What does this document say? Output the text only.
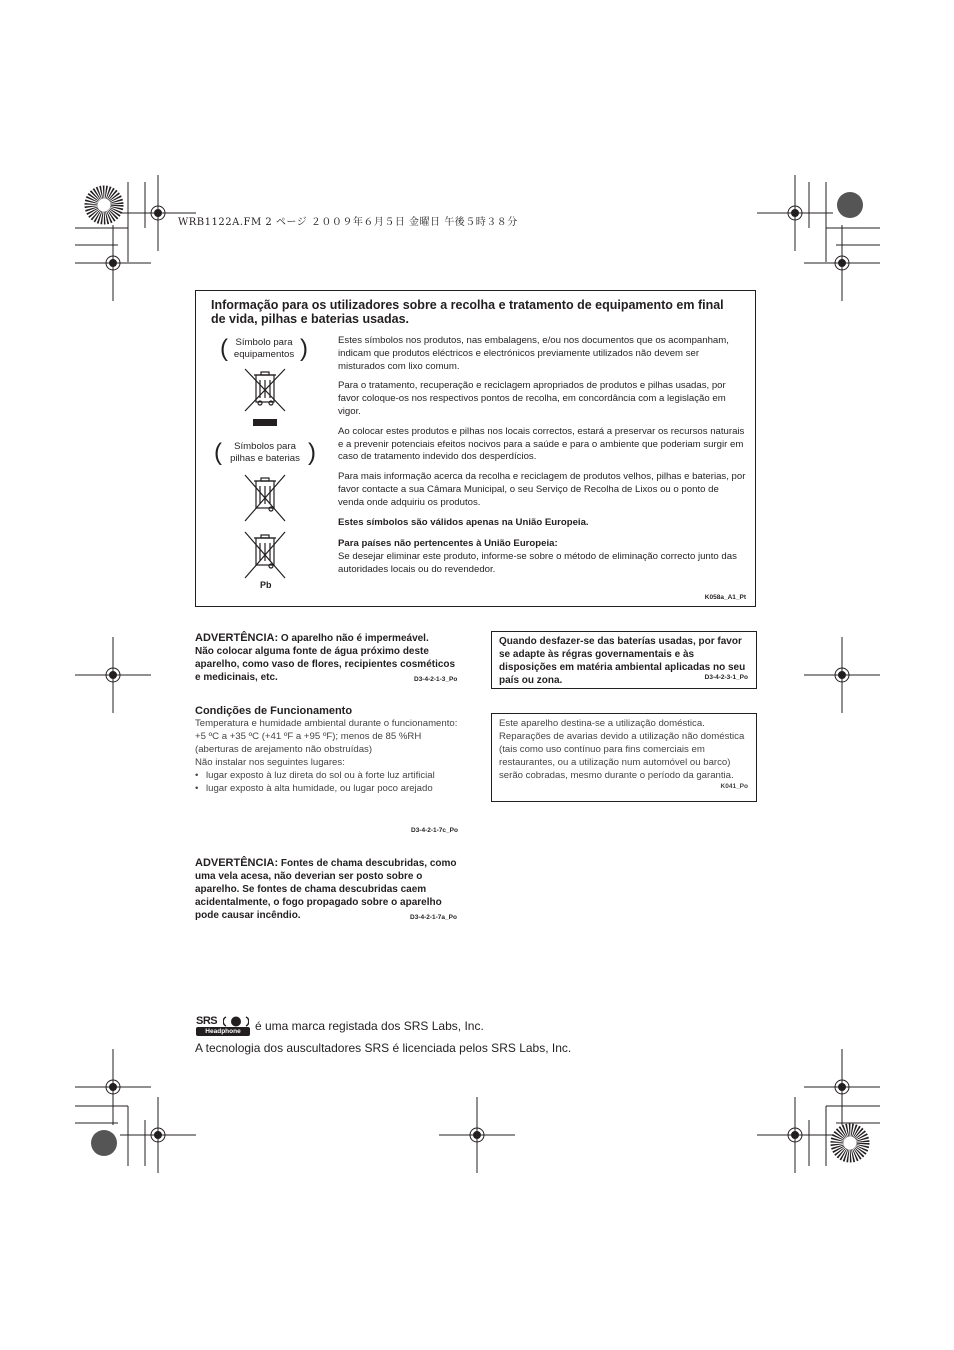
WRB1122A.FM 2 ページ ２００９年６月５日 金曜日 午後５時３８分
Informação para os utilizadores sobre a recolha e tratamento de equipamento em final de vida, pilhas e baterias usadas.
( Símbolo para
equipamentos )
(	Símbolos para
pilhas e baterias )
Pb

Estes símbolos nos produtos, nas embalagens, e/ou nos documentos que os acompanham, indicam que produtos eléctricos e electrónicos previamente utilizados não devem ser misturados com lixo comum.

Para o tratamento, recuperação e reciclagem apropriados de produtos e pilhas usadas, por favor coloque-os nos respectivos pontos de recolha, em concordância com a legislação em vigor.

Ao colocar estes produtos e pilhas nos locais correctos, estará a preservar os recursos naturais e a prevenir potenciais efeitos nocivos para a saúde e para o ambiente que poderiam surgir em caso de tratamento indevido dos desperdícios.

Para mais informação acerca da recolha e reciclagem de produtos velhos, pilhas e baterias, por favor contacte a sua Câmara Municipal, o seu Serviço de Recolha de Lixos ou o ponto de venda onde adquiriu os produtos.

Estes símbolos são válidos apenas na União Europeia.

Para países não pertencentes à União Europeia:
Se desejar eliminar este produto, informe-se sobre o método de eliminação correcto junto das autoridades locais ou do revendedor.
K058a_A1_Pt
ADVERTÊNCIA: O aparelho não é impermeável.
Não colocar alguma fonte de água próximo deste aparelho, como vaso de flores, recipientes cosméticos e medicinais, etc.	D3-4-2-1-3_Po
Condições de Funcionamento
Temperatura e humidade ambiental durante o funcionamento:
+5 ºC a +35 ºC (+41 ºF a +95 ºF); menos de 85 %RH (aberturas de arejamento não obstruídas)
Não instalar nos seguintes lugares:
• lugar exposto à luz direta do sol ou à forte luz artificial
• lugar exposto à alta humidade, ou lugar poco arejado
D3-4-2-1-7c_Po
ADVERTÊNCIA: Fontes de chama descubridas, como uma vela acesa, não deverian ser posto sobre o aparelho. Se fontes de chama descubridas caem acidentalmente, o fogo propagado sobre o aparelho pode causar incêndio.	D3-4-2-1-7a_Po
Quando desfazer-se das baterías usadas, por favor se adapte às régras governamentais e às disposições em matéria ambiental aplicadas no seu país ou zona.	D3-4-2-3-1_Po
Este aparelho destina-se a utilização doméstica. Reparações de avarias devido a utilização não doméstica (tais como uso contínuo para fins comerciais em restaurantes, ou a utilização num automóvel ou barco) serão cobradas, mesmo durante o período da garantia.
K041_Po
SRS
Headphone	é uma marca registada dos SRS Labs, Inc.
A tecnologia dos auscultadores SRS é licenciada pelos SRS Labs, Inc.
